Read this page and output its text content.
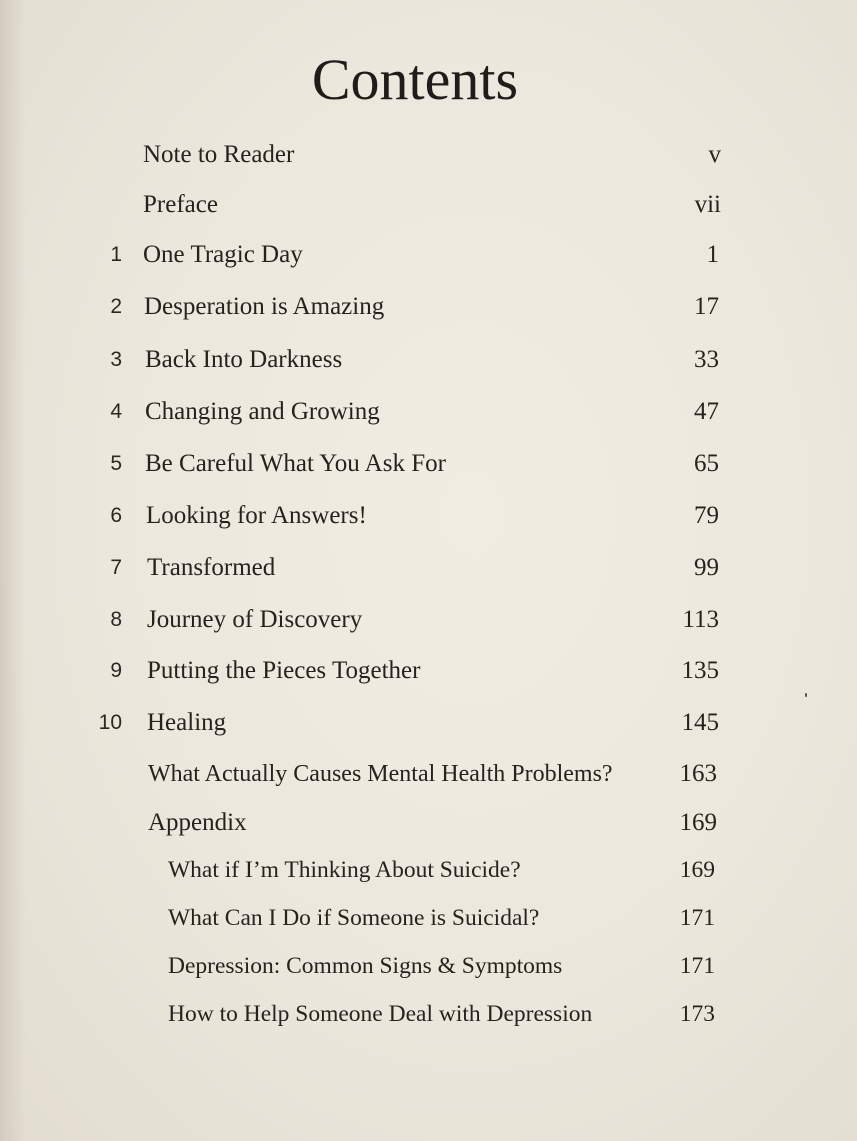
Contents
Note to Reader	v
Preface	vii
1 One Tragic Day	1
2 Desperation is Amazing	17
3 Back Into Darkness	33
4 Changing and Growing	47
5 Be Careful What You Ask For	65
6 Looking for Answers!	79
7 Transformed	99
8 Journey of Discovery	113
9 Putting the Pieces Together	135
10 Healing	145
What Actually Causes Mental Health Problems?	163
Appendix	169
What if I’m Thinking About Suicide?	169
What Can I Do if Someone is Suicidal?	171
Depression: Common Signs & Symptoms	171
How to Help Someone Deal with Depression	173
